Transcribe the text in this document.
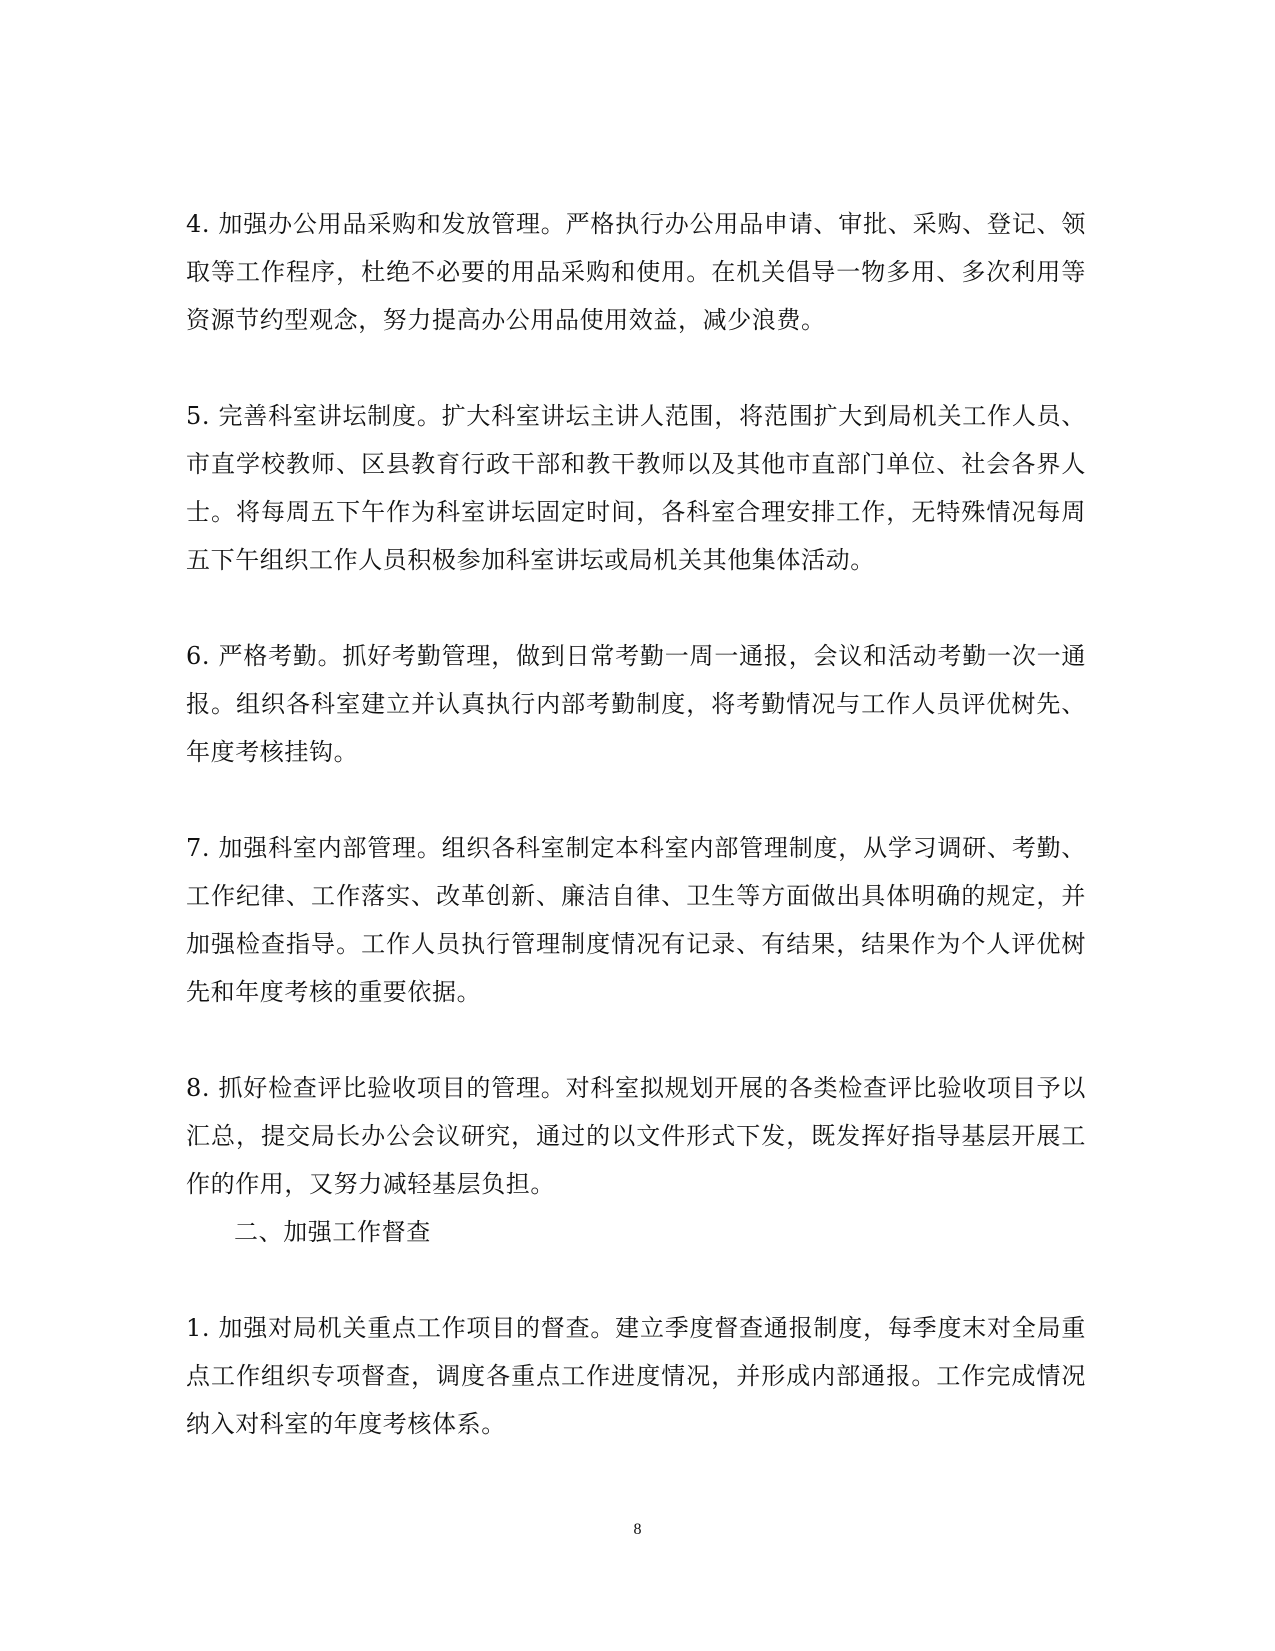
4. 加强办公用品采购和发放管理。严格执行办公用品申请、审批、采购、登记、领取等工作程序，杜绝不必要的用品采购和使用。在机关倡导一物多用、多次利用等资源节约型观念，努力提高办公用品使用效益，减少浪费。

5. 完善科室讲坛制度。扩大科室讲坛主讲人范围，将范围扩大到局机关工作人员、市直学校教师、区县教育行政干部和教干教师以及其他市直部门单位、社会各界人士。将每周五下午作为科室讲坛固定时间，各科室合理安排工作，无特殊情况每周五下午组织工作人员积极参加科室讲坛或局机关其他集体活动。

6. 严格考勤。抓好考勤管理，做到日常考勤一周一通报，会议和活动考勤一次一通报。组织各科室建立并认真执行内部考勤制度，将考勤情况与工作人员评优树先、年度考核挂钩。

7. 加强科室内部管理。组织各科室制定本科室内部管理制度，从学习调研、考勤、工作纪律、工作落实、改革创新、廉洁自律、卫生等方面做出具体明确的规定，并加强检查指导。工作人员执行管理制度情况有记录、有结果，结果作为个人评优树先和年度考核的重要依据。

8. 抓好检查评比验收项目的管理。对科室拟规划开展的各类检查评比验收项目予以汇总，提交局长办公会议研究，通过的以文件形式下发，既发挥好指导基层开展工作的作用，又努力减轻基层负担。

二、加强工作督查

1. 加强对局机关重点工作项目的督查。建立季度督查通报制度，每季度末对全局重点工作组织专项督查，调度各重点工作进度情况，并形成内部通报。工作完成情况纳入对科室的年度考核体系。

8
